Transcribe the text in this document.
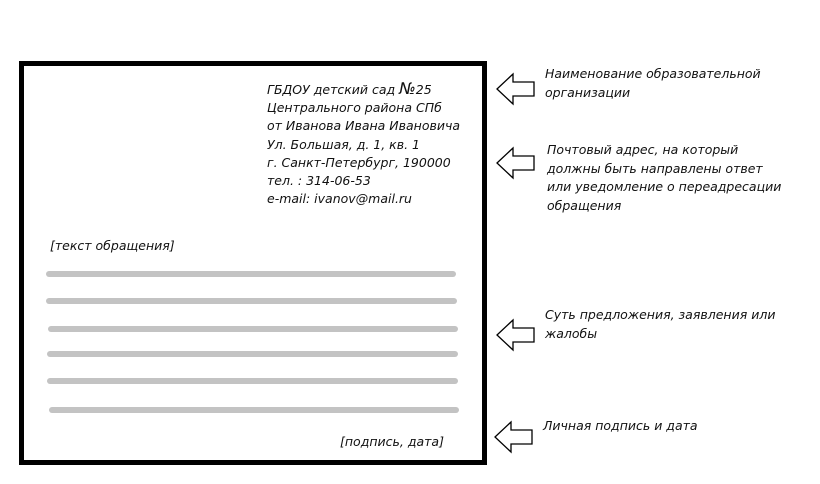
ГБДОУ детский сад №25
Центрального района СПб
от Иванова Ивана Ивановича
Ул. Большая, д. 1, кв. 1
г. Санкт-Петербург, 190000
тел. : 314-06-53
e-mail: ivanov@mail.ru
[текст обращения]
[подпись, дата]
Наименование образовательной
организации
Почтовый адрес, на который
должны быть направлены ответ
или уведомление о переадресации
обращения
Суть предложения, заявления или
жалобы
Личная подпись и дата
